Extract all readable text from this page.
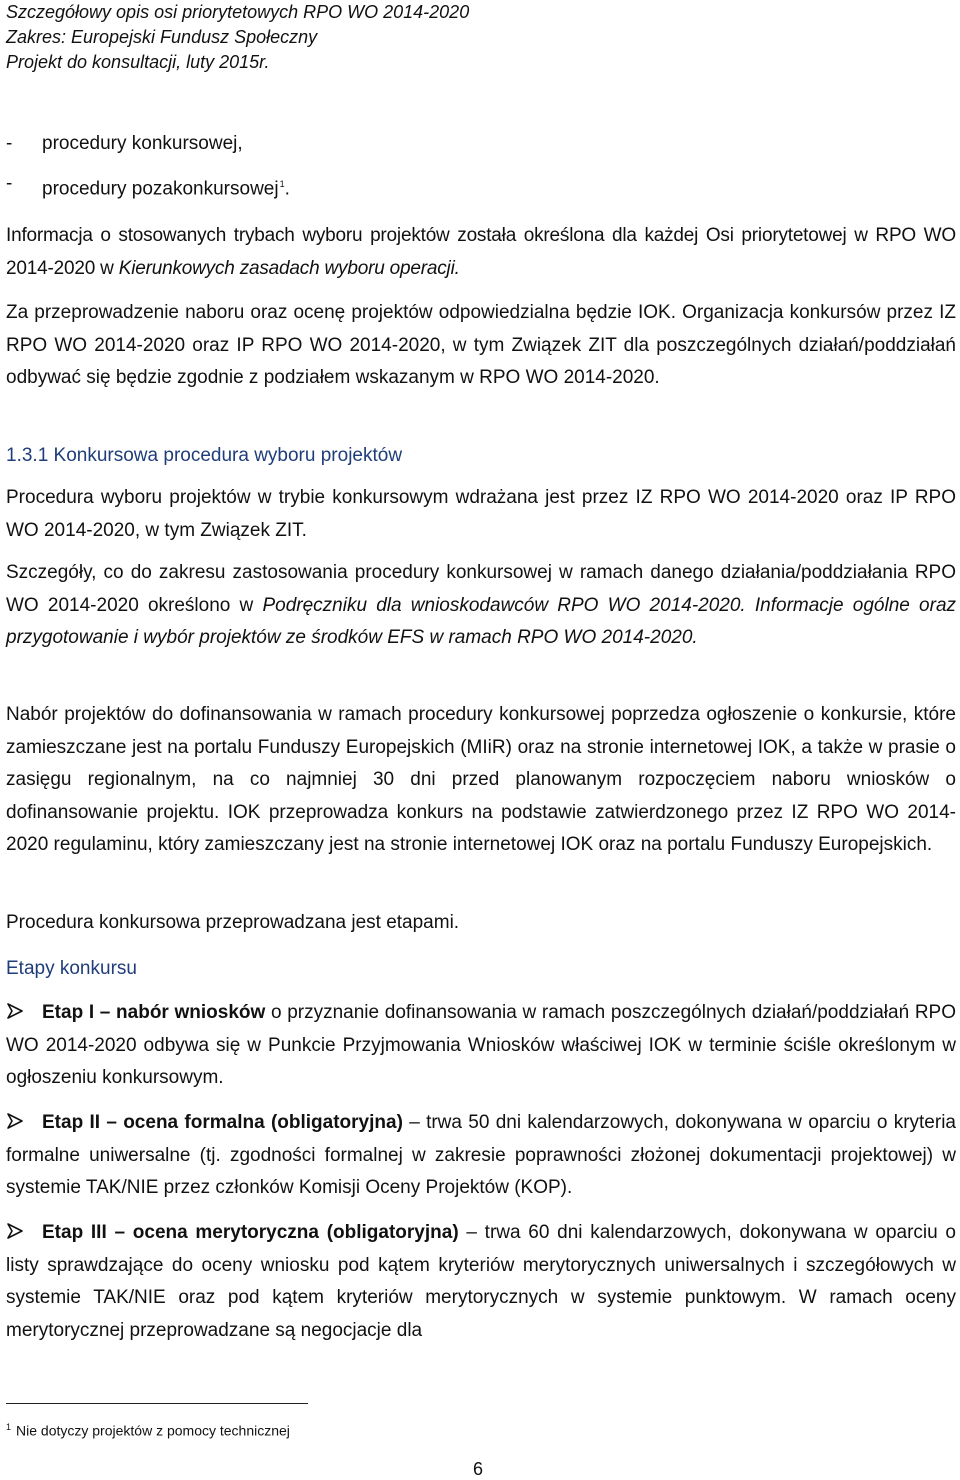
Szczegółowy opis osi priorytetowych RPO WO 2014-2020
Zakres: Europejski Fundusz Społeczny
Projekt do konsultacji, luty 2015r.
-	procedury konkursowej,
-	procedury pozakonkursowej$^1$.
Informacja o stosowanych trybach wyboru projektów została określona dla każdej Osi priorytetowej w RPO WO 2014-2020 w Kierunkowych zasadach wyboru operacji.
Za przeprowadzenie naboru oraz ocenę projektów odpowiedzialna będzie IOK. Organizacja konkursów przez IZ RPO WO 2014-2020 oraz IP RPO WO 2014-2020, w tym Związek ZIT dla poszczególnych działań/poddziałań odbywać się będzie zgodnie z podziałem wskazanym w RPO WO 2014-2020.
1.3.1 Konkursowa procedura wyboru projektów
Procedura wyboru projektów w trybie konkursowym wdrażana jest przez IZ RPO WO 2014-2020 oraz IP RPO WO 2014-2020, w tym Związek ZIT.
Szczegóły, co do zakresu zastosowania procedury konkursowej w ramach danego działania/poddziałania RPO WO 2014-2020 określono w Podręczniku dla wnioskodawców RPO WO 2014-2020. Informacje ogólne oraz przygotowanie i wybór projektów ze środków EFS w ramach RPO WO 2014-2020.
Nabór projektów do dofinansowania w ramach procedury konkursowej poprzedza ogłoszenie o konkursie, które zamieszczane jest na portalu Funduszy Europejskich (MIiR) oraz na stronie internetowej IOK, a także w prasie o zasięgu regionalnym, na co najmniej 30 dni przed planowanym rozpoczęciem naboru wniosków o dofinansowanie projektu. IOK przeprowadza konkurs na podstawie zatwierdzonego przez IZ RPO WO 2014-2020 regulaminu, który zamieszczany jest na stronie internetowej IOK oraz na portalu Funduszy Europejskich.
Procedura konkursowa przeprowadzana jest etapami.
Etapy konkursu
Etap I – nabór wniosków o przyznanie dofinansowania w ramach poszczególnych działań/poddziałań RPO WO 2014-2020 odbywa się w Punkcie Przyjmowania Wniosków właściwej IOK w terminie ściśle określonym w ogłoszeniu konkursowym.
Etap II – ocena formalna (obligatoryjna) – trwa 50 dni kalendarzowych, dokonywana w oparciu o kryteria formalne uniwersalne (tj. zgodności formalnej w zakresie poprawności złożonej dokumentacji projektowej) w systemie TAK/NIE przez członków Komisji Oceny Projektów (KOP).
Etap III – ocena merytoryczna (obligatoryjna) – trwa 60 dni kalendarzowych, dokonywana w oparciu o listy sprawdzające do oceny wniosku pod kątem kryteriów merytorycznych uniwersalnych i szczegółowych w systemie TAK/NIE oraz pod kątem kryteriów merytorycznych w systemie punktowym. W ramach oceny merytorycznej przeprowadzane są negocjacje dla
$^1$ Nie dotyczy projektów z pomocy technicznej
6
